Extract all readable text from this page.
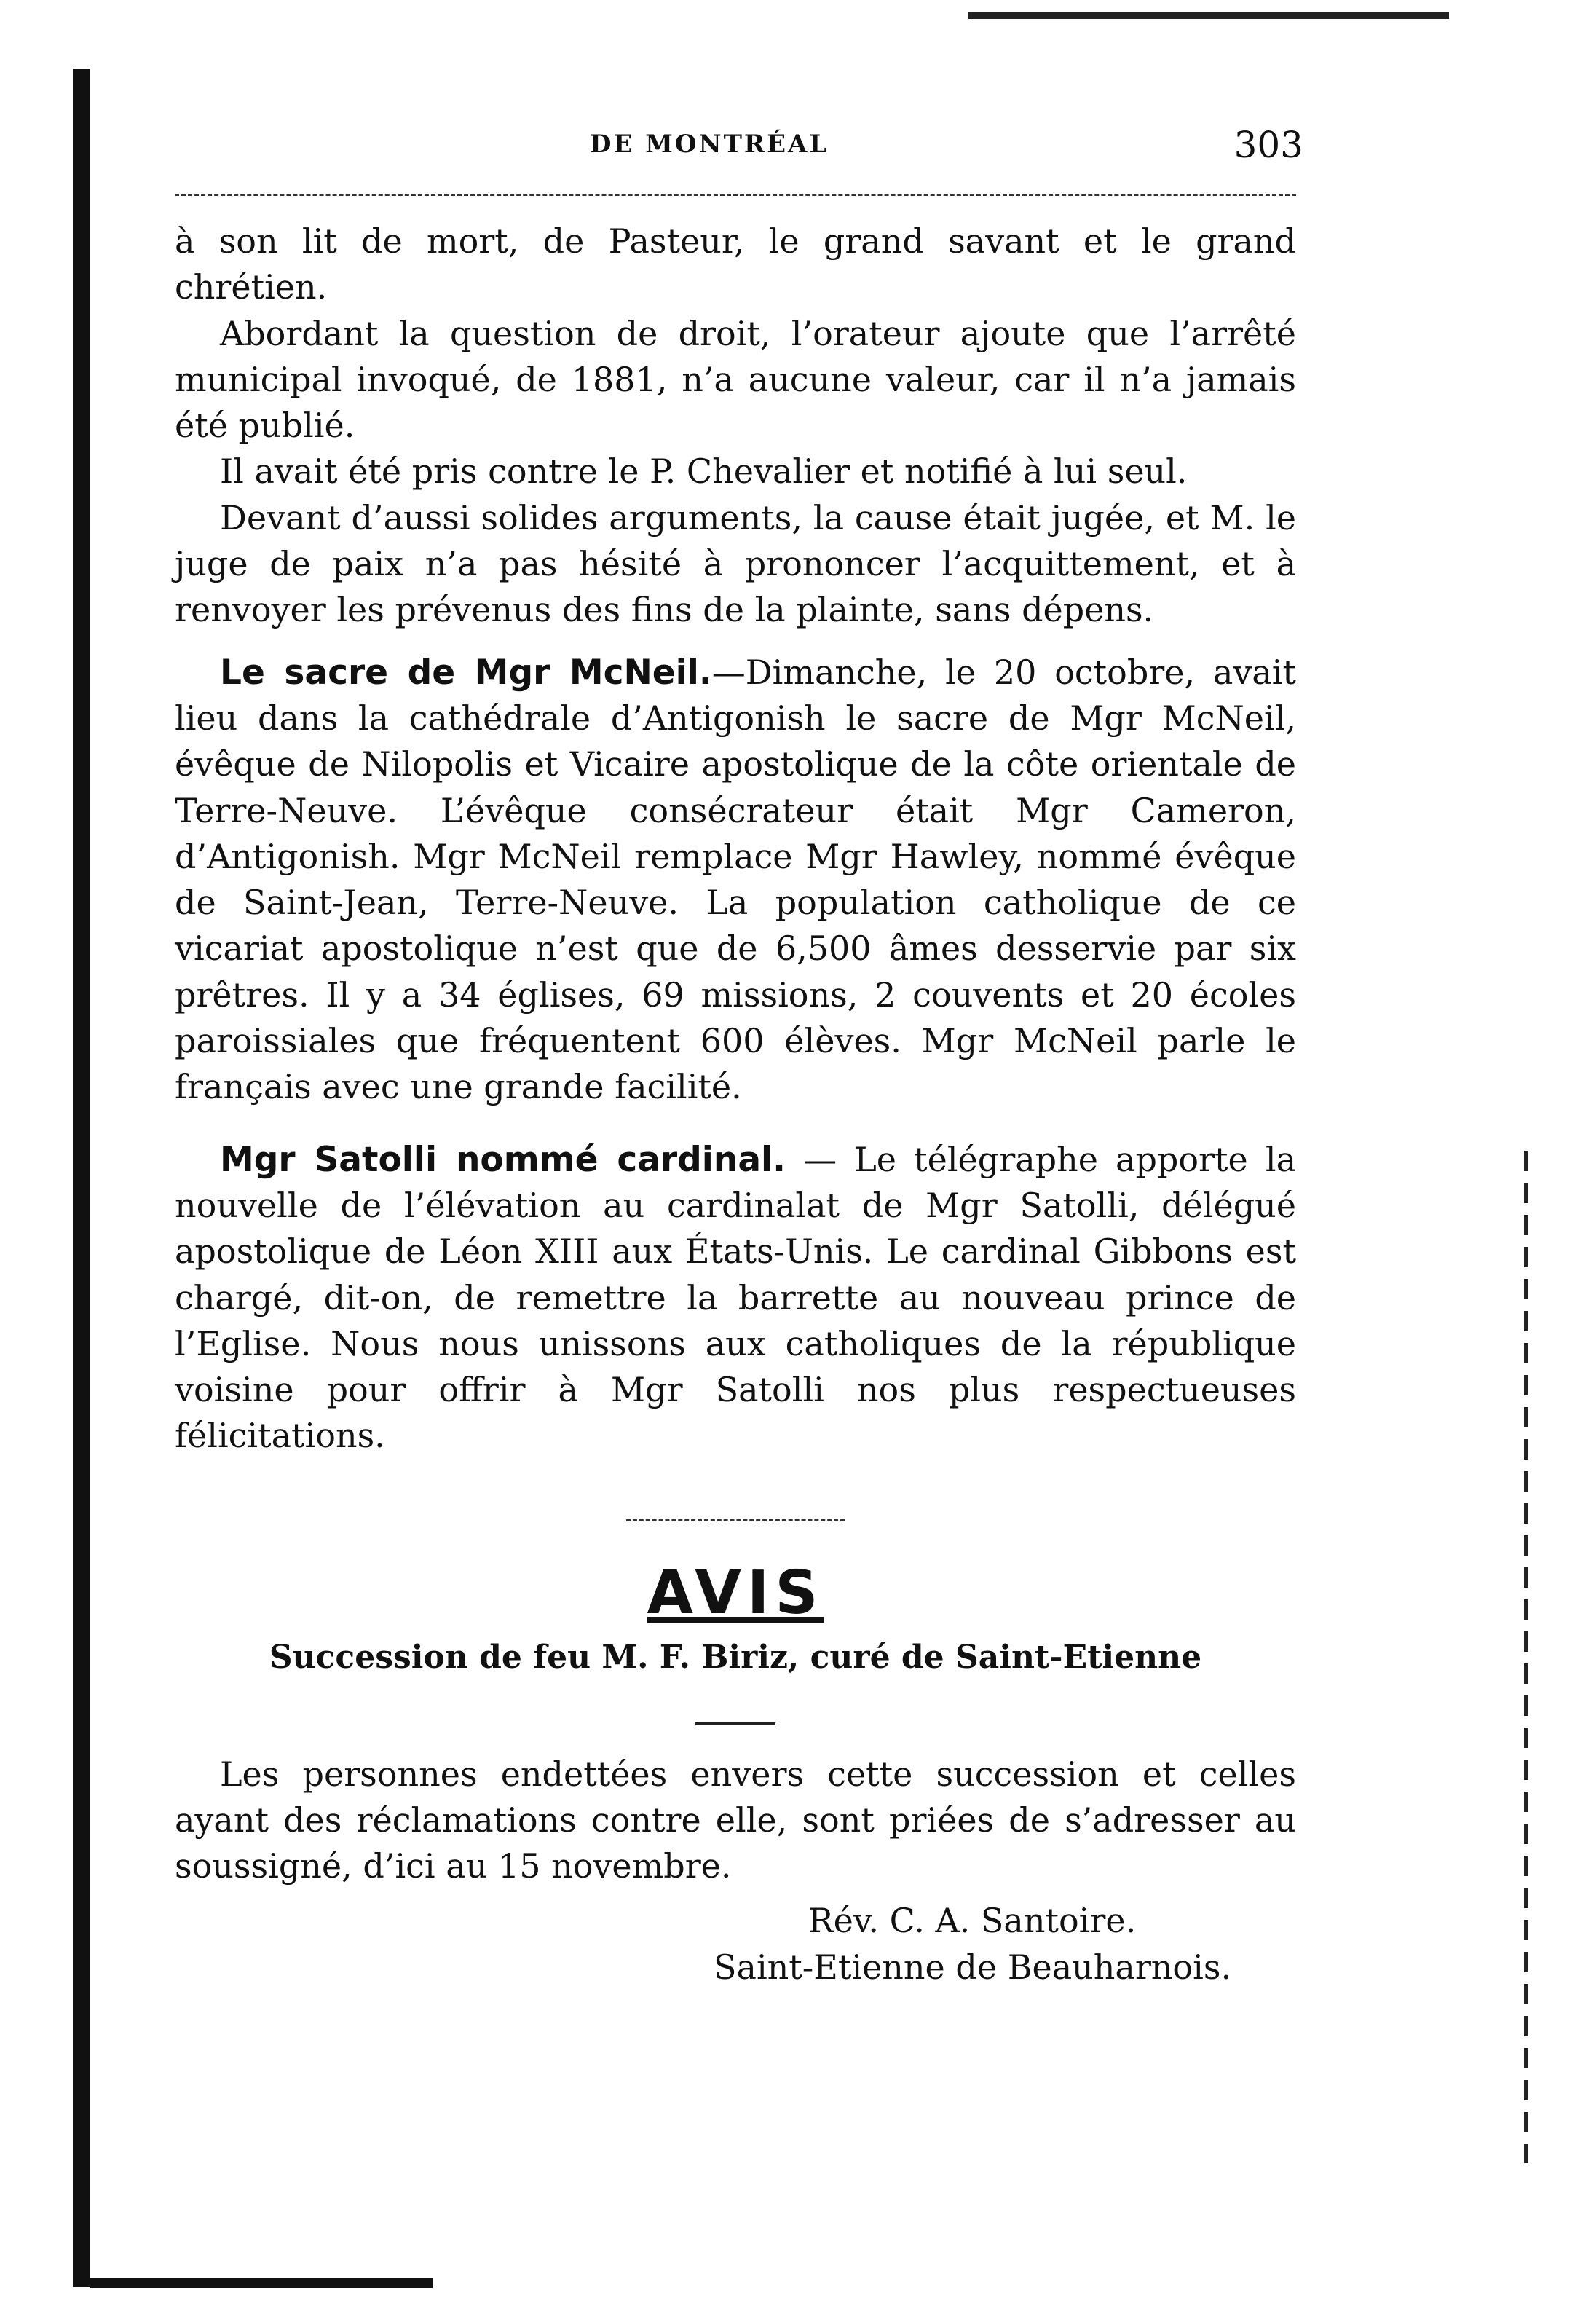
DE MONTRÉAL	303

à son lit de mort, de Pasteur, le grand savant et le grand chrétien.

Abordant la question de droit, l’orateur ajoute que l’arrêté municipal invoqué, de 1881, n’a aucune valeur, car il n’a jamais été publié.

Il avait été pris contre le P. Chevalier et notifié à lui seul.

Devant d’aussi solides arguments, la cause était jugée, et M. le juge de paix n’a pas hésité à prononcer l’acquittement, et à renvoyer les prévenus des fins de la plainte, sans dépens.

Le sacre de Mgr McNeil.—Dimanche, le 20 octobre, avait lieu dans la cathédrale d’Antigonish le sacre de Mgr McNeil, évêque de Nilopolis et Vicaire apostolique de la côte orientale de Terre-Neuve. L’évêque consécrateur était Mgr Cameron, d’Antigonish. Mgr McNeil remplace Mgr Hawley, nommé évêque de Saint-Jean, Terre-Neuve. La population catholique de ce vicariat apostolique n’est que de 6,500 âmes desservie par six prêtres. Il y a 34 églises, 69 missions, 2 couvents et 20 écoles paroissiales que fréquentent 600 élèves. Mgr McNeil parle le français avec une grande facilité.

Mgr Satolli nommé cardinal. — Le télégraphe apporte la nouvelle de l’élévation au cardinalat de Mgr Satolli, délégué apostolique de Léon XIII aux États-Unis. Le cardinal Gibbons est chargé, dit-on, de remettre la barrette au nouveau prince de l’Eglise. Nous nous unissons aux catholiques de la république voisine pour offrir à Mgr Satolli nos plus respectueuses félicitations.

AVIS
Succession de feu M. F. Biriz, curé de Saint-Etienne

Les personnes endettées envers cette succession et celles ayant des réclamations contre elle, sont priées de s’adresser au soussigné, d’ici au 15 novembre.

Rév. C. A. Santoire.
Saint-Etienne de Beauharnois.
